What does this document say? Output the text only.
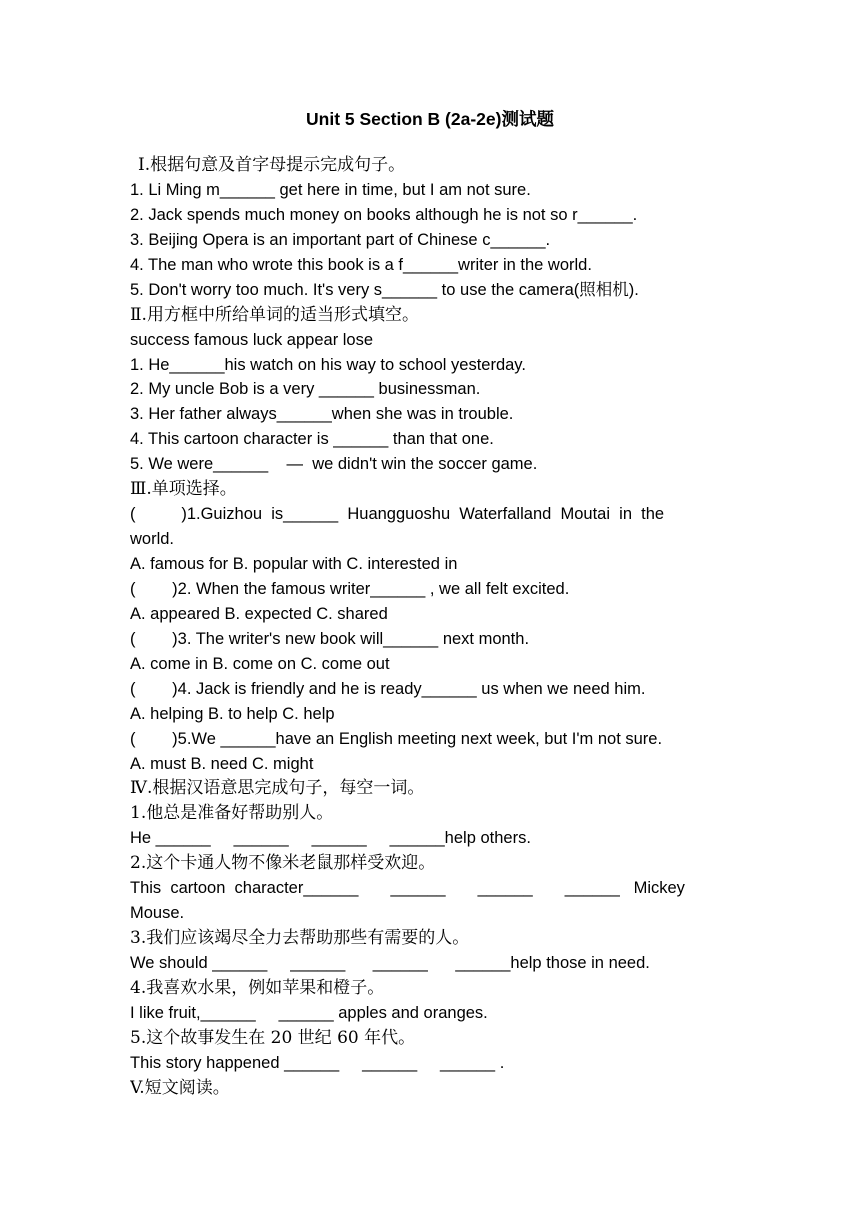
Unit 5 Section B (2a-2e)测试题
Ⅰ.根据句意及首字母提示完成句子。
1. Li Ming m______ get here in time, but I am not sure.
2. Jack spends much money on books although he is not so r______.
3. Beijing Opera is an important part of Chinese c______.
4. The man who wrote this book is a f______writer in the world.
5. Don't worry too much. It's very s______ to use the camera(照相机).
Ⅱ.用方框中所给单词的适当形式填空。
success famous luck appear lose
1. He______his watch on his way to school yesterday.
2. My uncle Bob is a very ______ businessman.
3. Her father always______when she was in trouble.
4. This cartoon character is ______ than that one.
5. We were______    —  we didn't win the soccer game.
Ⅲ.单项选择。
(          )1.Guizhou  is______  Huangguoshu  Waterfalland  Moutai  in  the
world.
A. famous for B. popular with C. interested in
(        )2. When the famous writer______ , we all felt excited.
A. appeared B. expected C. shared
(        )3. The writer's new book will______ next month.
A. come in B. come on C. come out
(        )4. Jack is friendly and he is ready______ us when we need him.
A. helping B. to help C. help
(        )5.We ______have an English meeting next week, but I'm not sure.
A. must B. need C. might
Ⅳ.根据汉语意思完成句子，每空一词。
1.他总是准备好帮助别人。
He ______     ______     ______     ______help others.
2.这个卡通人物不像米老鼠那样受欢迎。
This  cartoon  character______       ______       ______       ______   Mickey
Mouse.
3.我们应该竭尽全力去帮助那些有需要的人。
We should ______     ______      ______      ______help those in need.
4.我喜欢水果，例如苹果和橙子。
I like fruit,______     ______ apples and oranges.
5.这个故事发生在 20 世纪 60 年代。
This story happened ______     ______     ______ .
V.短文阅读。
